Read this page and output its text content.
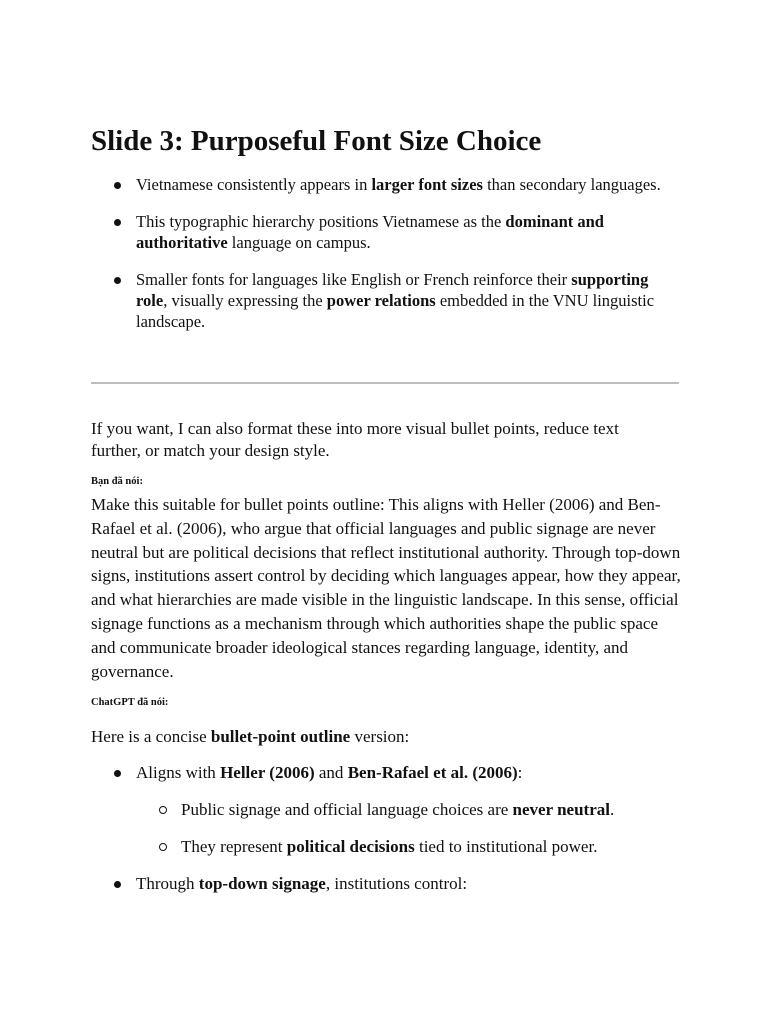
Slide 3: Purposeful Font Size Choice
Vietnamese consistently appears in larger font sizes than secondary languages.
This typographic hierarchy positions Vietnamese as the dominant and authoritative language on campus.
Smaller fonts for languages like English or French reinforce their supporting role, visually expressing the power relations embedded in the VNU linguistic landscape.

If you want, I can also format these into more visual bullet points, reduce text further, or match your design style.

Bạn đã nói:

Make this suitable for bullet points outline: This aligns with Heller (2006) and Ben-Rafael et al. (2006), who argue that official languages and public signage are never neutral but are political decisions that reflect institutional authority. Through top-down signs, institutions assert control by deciding which languages appear, how they appear, and what hierarchies are made visible in the linguistic landscape. In this sense, official signage functions as a mechanism through which authorities shape the public space and communicate broader ideological stances regarding language, identity, and governance.

ChatGPT đã nói:

Here is a concise bullet-point outline version:

Aligns with Heller (2006) and Ben-Rafael et al. (2006):
Public signage and official language choices are never neutral.
They represent political decisions tied to institutional power.
Through top-down signage, institutions control:
